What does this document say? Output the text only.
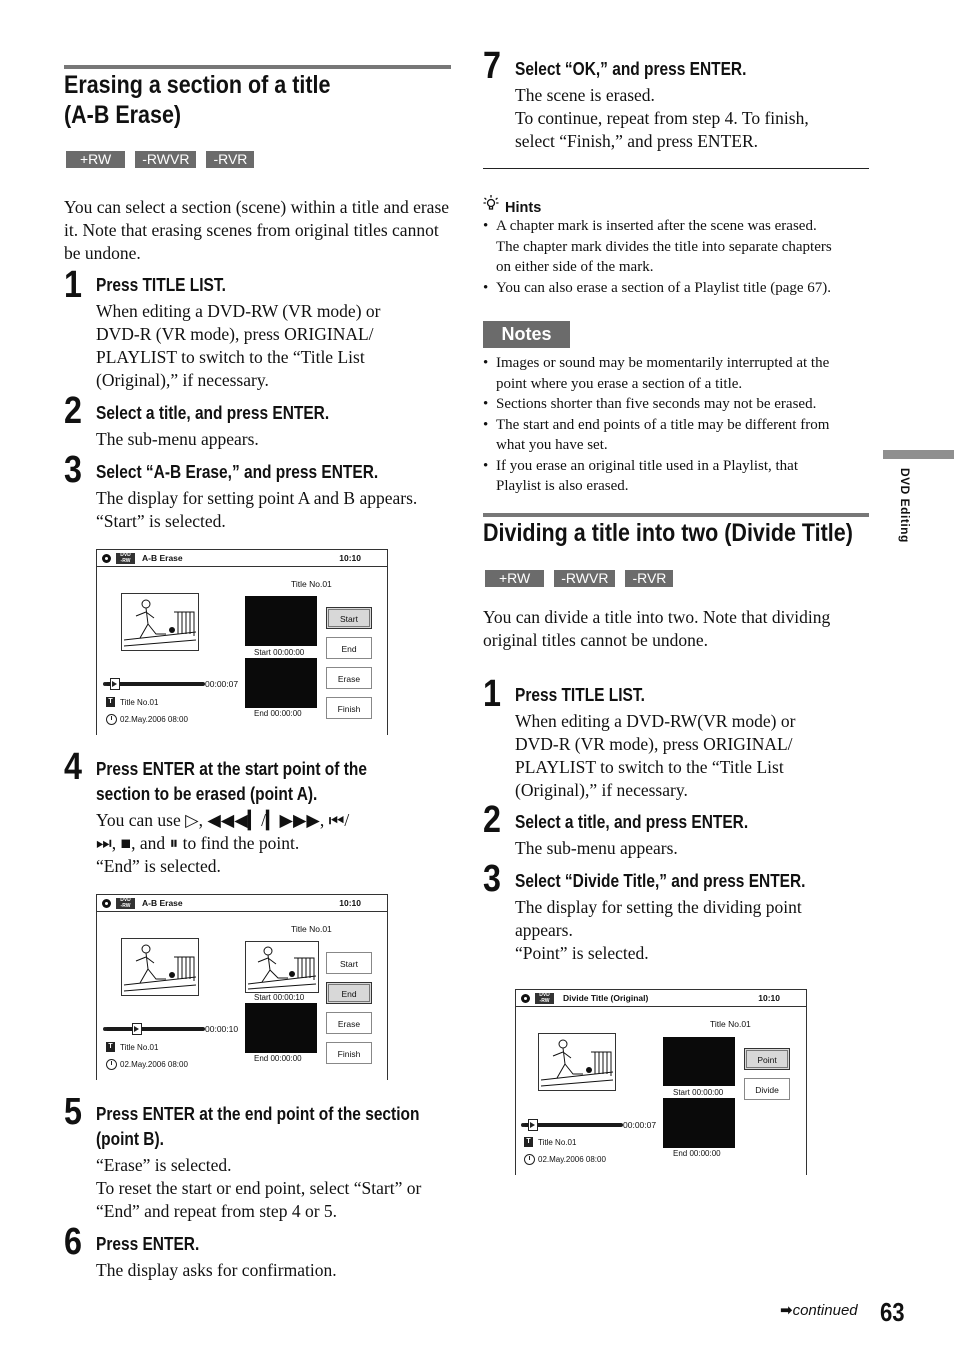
Erasing a section of a title
(A-B Erase)
+RW	-RWVR	-RVR

You can select a section (scene) within a title and erase it. Note that erasing scenes from original titles cannot be undone.

1 Press TITLE LIST.

When editing a DVD-RW (VR mode) or

DVD-R (VR mode), press ORIGINAL/

PLAYLIST to switch to the “Title List

(Original),” if necessary.

2 Select a title, and press ENTER.

The sub-menu appears.

3 Select “A-B Erase,” and press ENTER.

The display for setting point A and B appears.

“Start” is selected.

DVD
-RW	A-B Erase	10:10
Title No.01
Start 00:00:00
End 00:00:00
Start
End
Erase
Finish
00:00:07
T Title No.01
02.May.2006 08:00
4 Press ENTER at the start point of the
section to be erased (point A).

You can use ▷, ◀◀◀▎/▎▶▶▶, ⏮/

⏭, ■, and ⏸ to find the point.

“End” is selected.

DVD
-RW	A-B Erase	10:10
Title No.01
Start 00:00:10
End 00:00:00
Start
End
Erase
Finish
00:00:10
T Title No.01
02.May.2006 08:00
5 Press ENTER at the end point of the section
(point B).

“Erase” is selected.

To reset the start or end point, select “Start” or

“End” and repeat from step 4 or 5.

6 Press ENTER.

The display asks for confirmation.

7 Select “OK,” and press ENTER.

The scene is erased.

To continue, repeat from step 4. To finish,

select “Finish,” and press ENTER.

Hints
• A chapter mark is inserted after the scene was erased.
The chapter mark divides the title into separate chapters
on either side of the mark.
• You can also erase a section of a Playlist title (page 67).
Notes
• Images or sound may be momentarily interrupted at the
point where you erase a section of a title.
• Sections shorter than five seconds may not be erased.
• The start and end points of a title may be different from
what you have set.
• If you erase an original title used in a Playlist, that
Playlist is also erased.
Dividing a title into two (Divide Title)
+RW	-RWVR	-RVR

You can divide a title into two. Note that dividing

original titles cannot be undone.

1 Press TITLE LIST.

When editing a DVD-RW(VR mode) or

DVD-R (VR mode), press ORIGINAL/

PLAYLIST to switch to the “Title List

(Original),” if necessary.

2 Select a title, and press ENTER.

The sub-menu appears.

3 Select “Divide Title,” and press ENTER.

The display for setting the dividing point

appears.

“Point” is selected.

DVD
-RW	Divide Title (Original)	10:10
Title No.01
Start 00:00:00
End 00:00:00
Point
Divide
00:00:07
T Title No.01
02.May.2006 08:00
DVD Editing
➡continued 63
